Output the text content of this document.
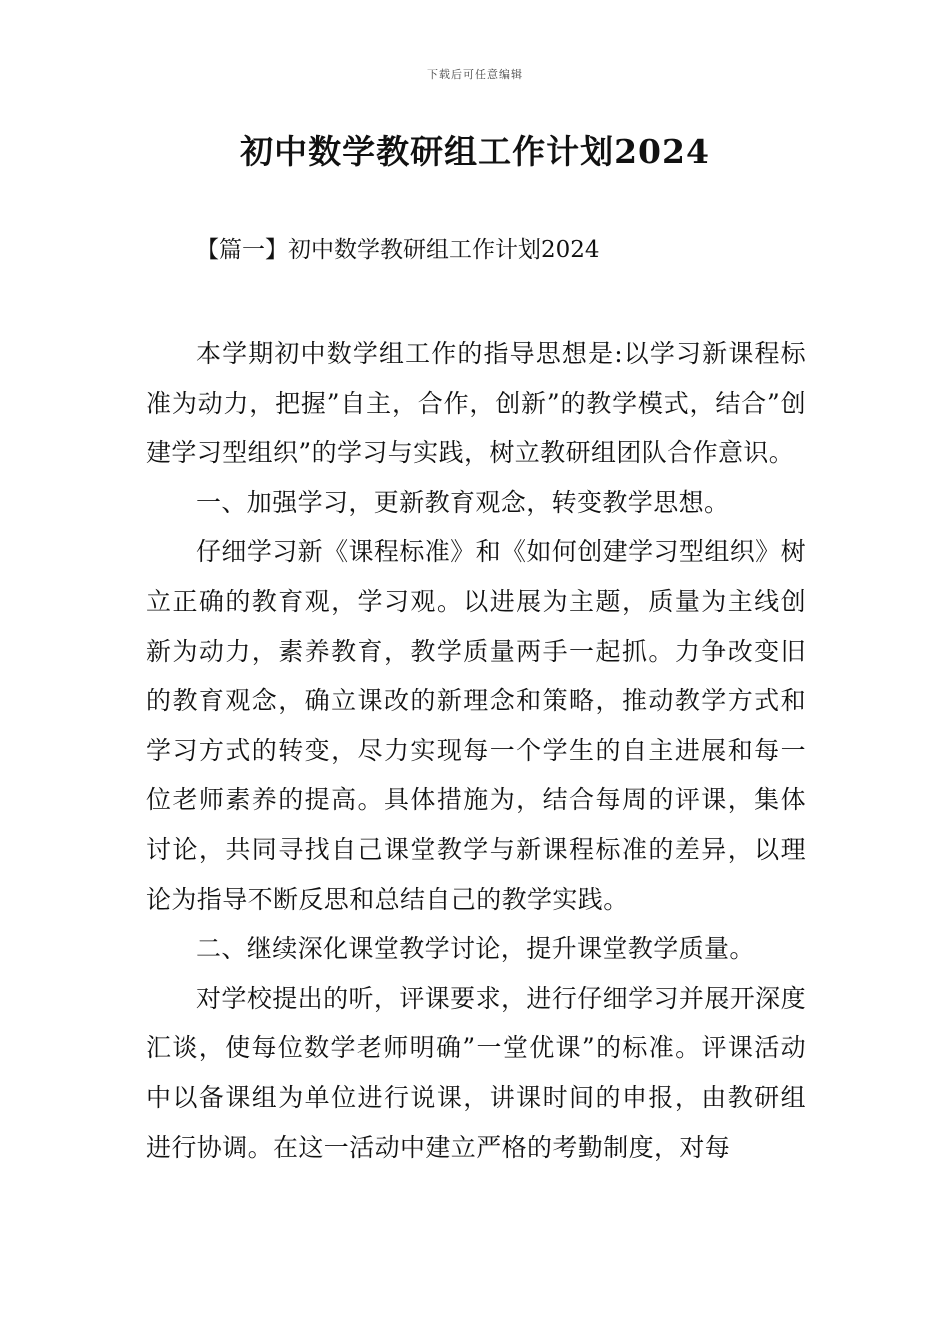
下载后可任意编辑
初中数学教研组工作计划2024
【篇一】初中数学教研组工作计划2024

本学期初中数学组工作的指导思想是:以学习新课程标准为动力，把握”自主，合作，创新”的教学模式，结合”创建学习型组织”的学习与实践，树立教研组团队合作意识。

一、加强学习，更新教育观念，转变教学思想。

仔细学习新《课程标准》和《如何创建学习型组织》树立正确的教育观，学习观。以进展为主题，质量为主线创新为动力，素养教育，教学质量两手一起抓。力争改变旧的教育观念，确立课改的新理念和策略，推动教学方式和学习方式的转变，尽力实现每一个学生的自主进展和每一位老师素养的提高。具体措施为，结合每周的评课，集体讨论，共同寻找自己课堂教学与新课程标准的差异，以理论为指导不断反思和总结自己的教学实践。

二、继续深化课堂教学讨论，提升课堂教学质量。

对学校提出的听，评课要求，进行仔细学习并展开深度汇谈，使每位数学老师明确”一堂优课”的标准。评课活动中以备课组为单位进行说课，讲课时间的申报，由教研组进行协调。在这一活动中建立严格的考勤制度，对每
